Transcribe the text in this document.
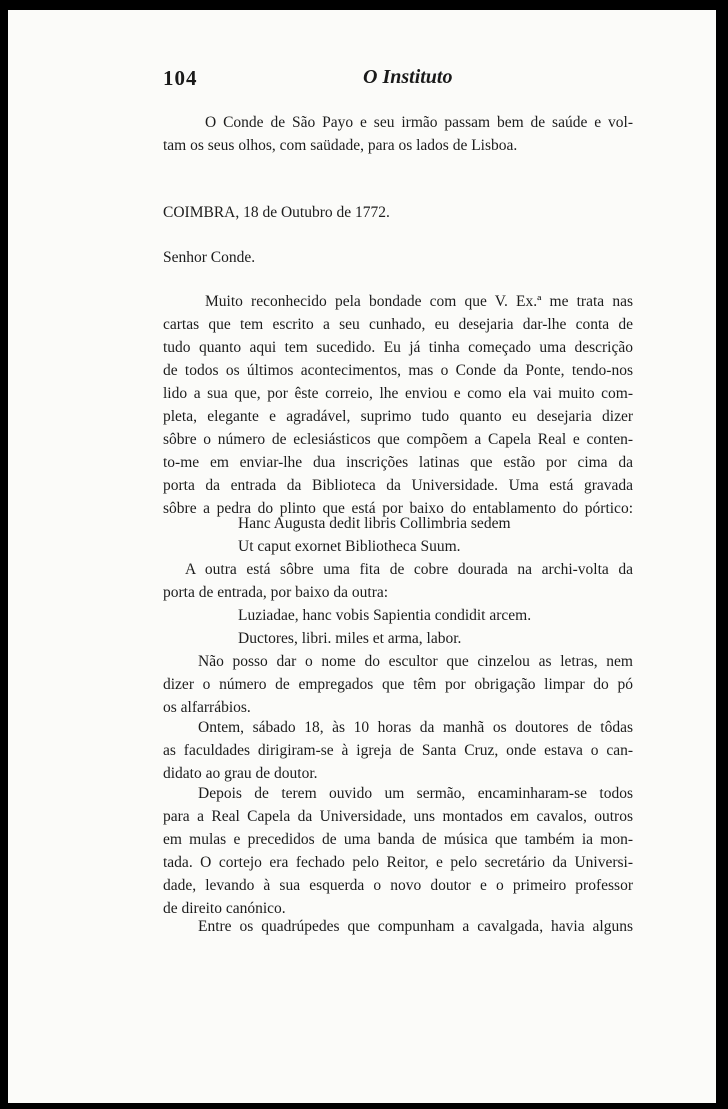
104	O Instituto
O Conde de São Payo e seu irmão passam bem de saúde e vol-
tam os seus olhos, com saüdade, para os lados de Lisboa.
COIMBRA, 18 de Outubro de 1772.
Senhor Conde.
Muito reconhecido pela bondade com que V. Ex.ª me trata nas
cartas que tem escrito a seu cunhado, eu desejaria dar-lhe conta de
tudo quanto aqui tem sucedido. Eu já tinha começado uma descrição
de todos os últimos acontecimentos, mas o Conde da Ponte, tendo-nos
lido a sua que, por êste correio, lhe enviou e como ela vai muito com-
pleta, elegante e agradável, suprimo tudo quanto eu desejaria dizer
sôbre o número de eclesiásticos que compõem a Capela Real e conten-
to-me em enviar-lhe dua inscrições latinas que estão por cima da
porta da entrada da Biblioteca da Universidade. Uma está gravada
sôbre a pedra do plinto que está por baixo do entablamento do pórtico:
Hanc Augusta dedit libris Collimbria sedem
Ut caput exornet Bibliotheca Suum.
A outra está sôbre uma fita de cobre dourada na archi-volta da
porta de entrada, por baixo da outra:
Luziadae, hanc vobis Sapientia condidit arcem.
Ductores, libri. miles et arma, labor.
Não posso dar o nome do escultor que cinzelou as letras, nem
dizer o número de empregados que têm por obrigação limpar do pó
os alfarrábios.
Ontem, sábado 18, às 10 horas da manhã os doutores de tôdas
as faculdades dirigiram-se à igreja de Santa Cruz, onde estava o can-
didato ao grau de doutor.
Depois de terem ouvido um sermão, encaminharam-se todos
para a Real Capela da Universidade, uns montados em cavalos, outros
em mulas e precedidos de uma banda de música que também ia mon-
tada. O cortejo era fechado pelo Reitor, e pelo secretário da Universi-
dade, levando à sua esquerda o novo doutor e o primeiro professor
de direito canónico.
Entre os quadrúpedes que compunham a cavalgada, havia alguns
